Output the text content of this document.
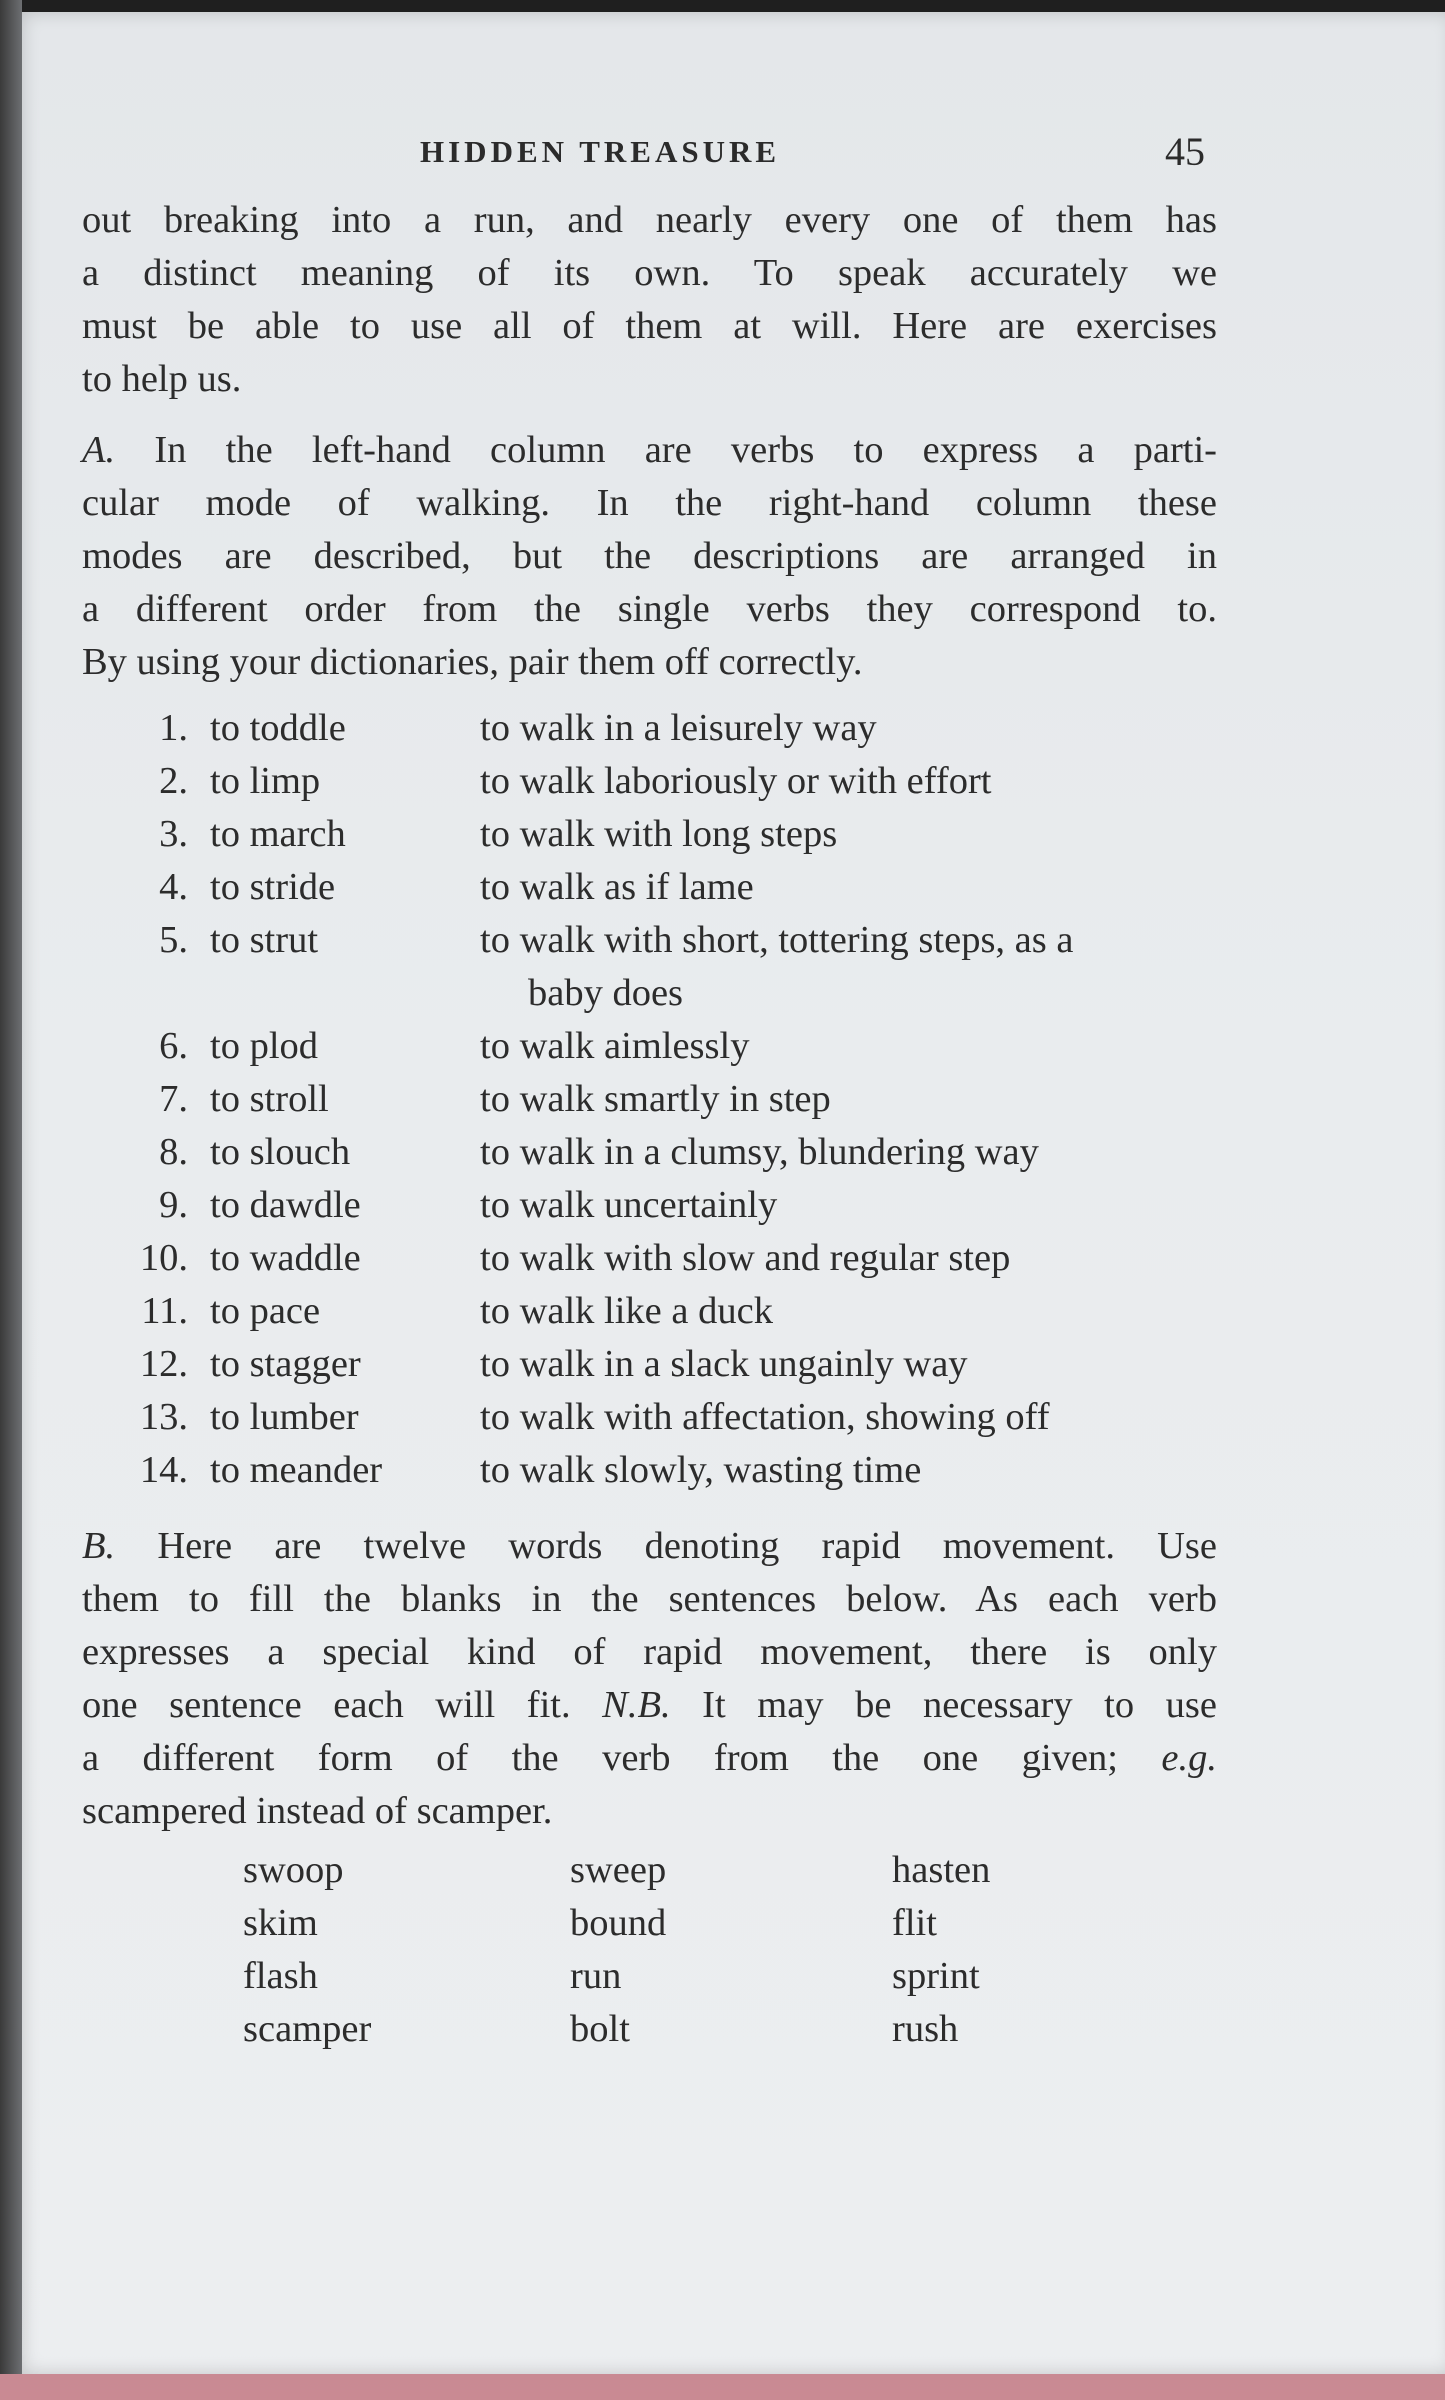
HIDDEN TREASURE	45
out breaking into a run, and nearly every one of them has
a distinct meaning of its own. To speak accurately we
must be able to use all of them at will. Here are exercises
to help us.
A. In the left-hand column are verbs to express a parti-
cular mode of walking. In the right-hand column these
modes are described, but the descriptions are arranged in
a different order from the single verbs they correspond to.
By using your dictionaries, pair them off correctly.
1. to toddle	to walk in a leisurely way
2. to limp	to walk laboriously or with effort
3. to march	to walk with long steps
4. to stride	to walk as if lame
5. to strut	to walk with short, tottering steps, as a
baby does
6. to plod	to walk aimlessly
7. to stroll	to walk smartly in step
8. to slouch	to walk in a clumsy, blundering way
9. to dawdle	to walk uncertainly
10. to waddle	to walk with slow and regular step
11. to pace	to walk like a duck
12. to stagger	to walk in a slack ungainly way
13. to lumber	to walk with affectation, showing off
14. to meander	to walk slowly, wasting time
B. Here are twelve words denoting rapid movement. Use
them to fill the blanks in the sentences below. As each verb
expresses a special kind of rapid movement, there is only
one sentence each will fit. N.B. It may be necessary to use
a different form of the verb from the one given; e.g.
scampered instead of scamper.
swoop	sweep	hasten
skim	bound	flit
flash	run	sprint
scamper	bolt	rush
